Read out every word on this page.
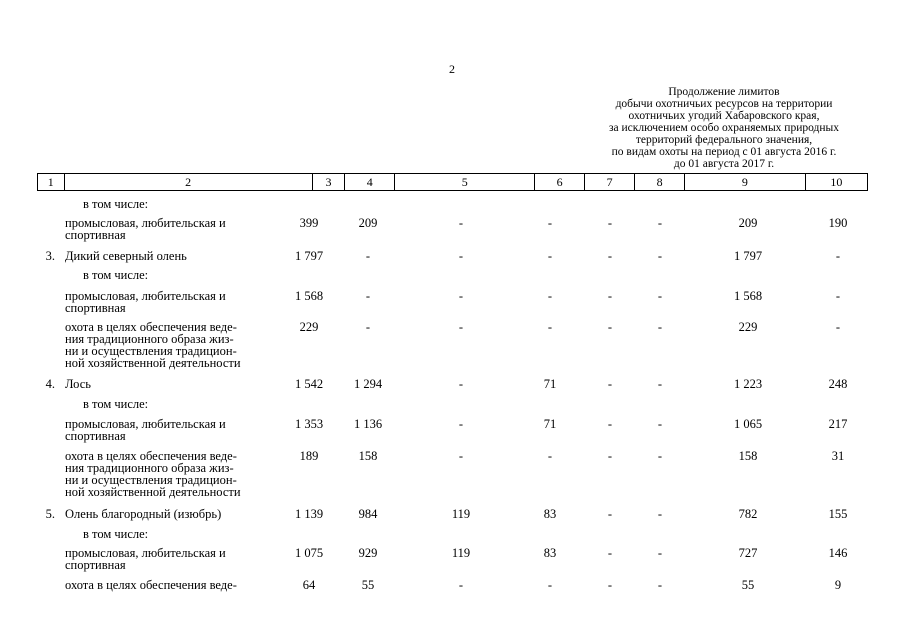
2
Продолжение лимитов
добычи охотничьих ресурсов на территории
охотничьих угодий Хабаровского края,
за исключением особо охраняемых природных
территорий федерального значения,
по видам охоты на период с 01 августа 2016 г.
до 01 августа 2017 г.
1	2	3	4	5	6	7	8	9	10
в том числе:
промысловая, любительская и
спортивная
399	209	-	-	-	-	209	190
3. Дикий северный олень	1 797	-	-	-	-	-	1 797	-
в том числе:
промысловая, любительская и
спортивная
1 568	-	-	-	-	-	1 568	-
охота в целях обеспечения веде-
ния традиционного образа жиз-
ни и осуществления традицион-
ной хозяйственной деятельности
229	-	-	-	-	-	229	-
4. Лось	1 542	1 294	-	71	-	-	1 223	248
в том числе:
промысловая, любительская и
спортивная
1 353	1 136	-	71	-	-	1 065	217
охота в целях обеспечения веде-
ния традиционного образа жиз-
ни и осуществления традицион-
ной хозяйственной деятельности
189	158	-	-	-	-	158	31
5. Олень благородный (изюбрь)	1 139	984	119	83	-	-	782	155
в том числе:
промысловая, любительская и
спортивная
1 075	929	119	83	-	-	727	146
охота в целях обеспечения веде-	64	55	-	-	-	-	55	9
